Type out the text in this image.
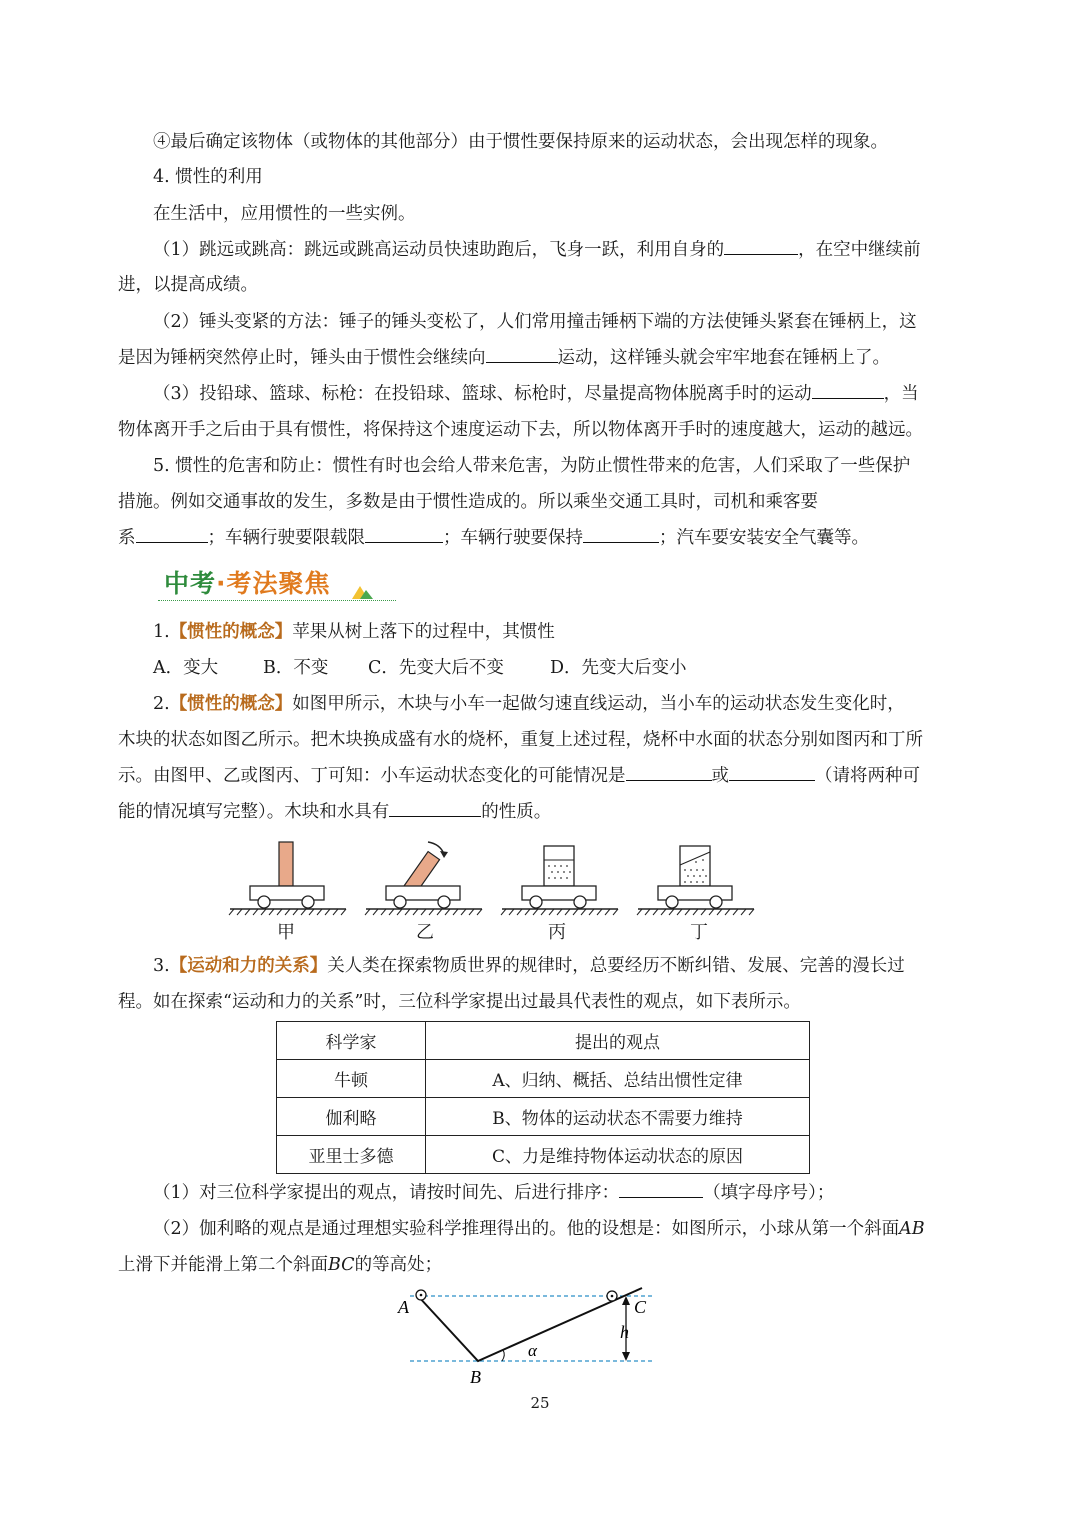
④最后确定该物体（或物体的其他部分）由于惯性要保持原来的运动状态，会出现怎样的现象。
4. 惯性的利用
在生活中，应用惯性的一些实例。
（1）跳远或跳高：跳远或跳高运动员快速助跑后，飞身一跃，利用自身的	，在空中继续前
进，以提高成绩。
（2）锤头变紧的方法：锤子的锤头变松了，人们常用撞击锤柄下端的方法使锤头紧套在锤柄上，这
是因为锤柄突然停止时，锤头由于惯性会继续向	运动，这样锤头就会牢牢地套在锤柄上了。
（3）投铅球、篮球、标枪：在投铅球、篮球、标枪时，尽量提高物体脱离手时的运动	，当
物体离开手之后由于具有惯性，将保持这个速度运动下去，所以物体离开手时的速度越大，运动的越远。
5. 惯性的危害和防止：惯性有时也会给人带来危害，为防止惯性带来的危害，人们采取了一些保护
措施。例如交通事故的发生，多数是由于惯性造成的。所以乘坐交通工具时，司机和乘客要
系	；车辆行驶要限载限	；车辆行驶要保持	；汽车要安装安全气囊等。
中考·考法聚焦
1.【惯性的概念】苹果从树上落下的过程中，其惯性
A．变大	B．不变 C．先变大后不变	D．先变大后变小
2.【惯性的概念】如图甲所示，木块与小车一起做匀速直线运动，当小车的运动状态发生变化时，
木块的状态如图乙所示。把木块换成盛有水的烧杯，重复上述过程，烧杯中水面的状态分别如图丙和丁所
示。由图甲、乙或图丙、丁可知：小车运动状态变化的可能情况是	或	（请将两种可
能的情况填写完整）。木块和水具有	的性质。
甲	乙	丙	丁
3.【运动和力的关系】关人类在探索物质世界的规律时，总要经历不断纠错、发展、完善的漫长过
程。如在探索“运动和力的关系”时，三位科学家提出过最具代表性的观点，如下表所示。
科学家	提出的观点
牛顿	A、归纳、概括、总结出惯性定律
伽利略	B、物体的运动状态不需要力维持
亚里士多德	C、力是维持物体运动状态的原因
（1）对三位科学家提出的观点，请按时间先、后进行排序：	（填字母序号）；
（2）伽利略的观点是通过理想实验科学推理得出的。他的设想是：如图所示，小球从第一个斜面AB
上滑下并能滑上第二个斜面BC的等高处；
A
B
C
h
α
25
